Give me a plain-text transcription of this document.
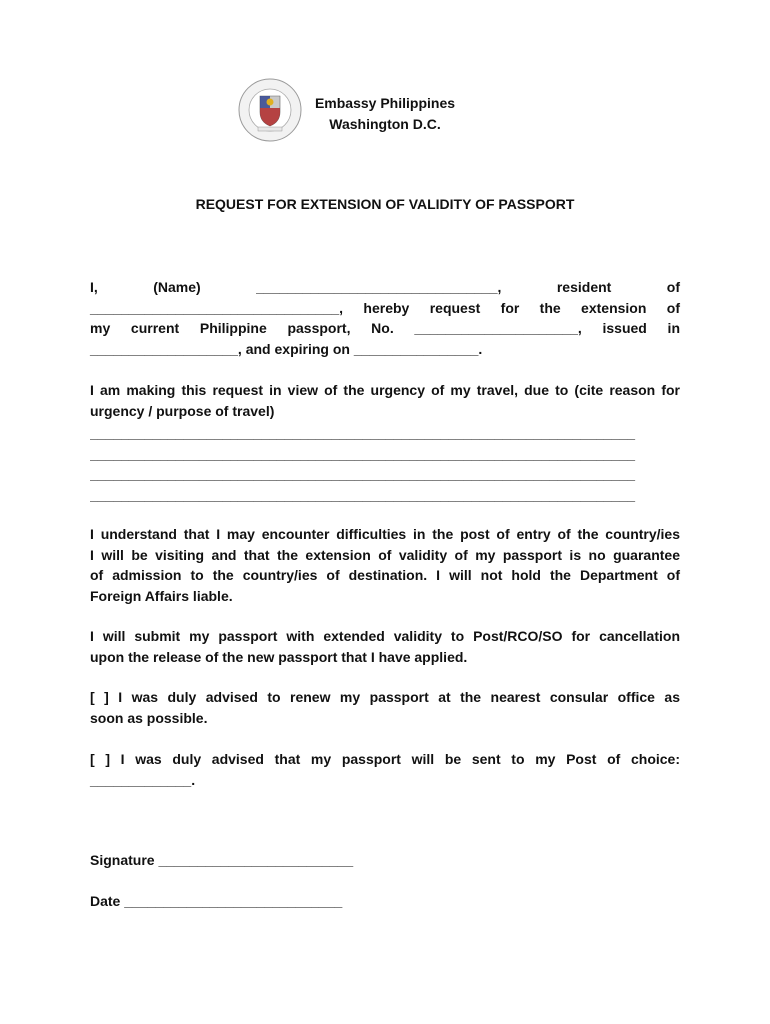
Embassy Philippines
Washington D.C.
REQUEST FOR EXTENSION OF VALIDITY OF PASSPORT
I, (Name) _______________________________, resident of
________________________________, hereby request for the extension of
my current Philippine passport, No. _____________________, issued in
___________________, and expiring on ________________.
I am making this request in view of the urgency of my travel, due to (cite reason for
urgency / purpose of travel)
______________________________________________________________________
______________________________________________________________________
______________________________________________________________________
______________________________________________________________________
I understand that I may encounter difficulties in the post of entry of the country/ies
I will be visiting and that the extension of validity of my passport is no guarantee
of admission to the country/ies of destination. I will not hold the Department of
Foreign Affairs liable.
I will submit my passport with extended validity to Post/RCO/SO for cancellation
upon the release of the new passport that I have applied.
[ ] I was duly advised to renew my passport at the nearest consular office as
soon as possible.
[ ] I was duly advised that my passport will be sent to my Post of choice:
_____________.
Signature _________________________
Date ____________________________
